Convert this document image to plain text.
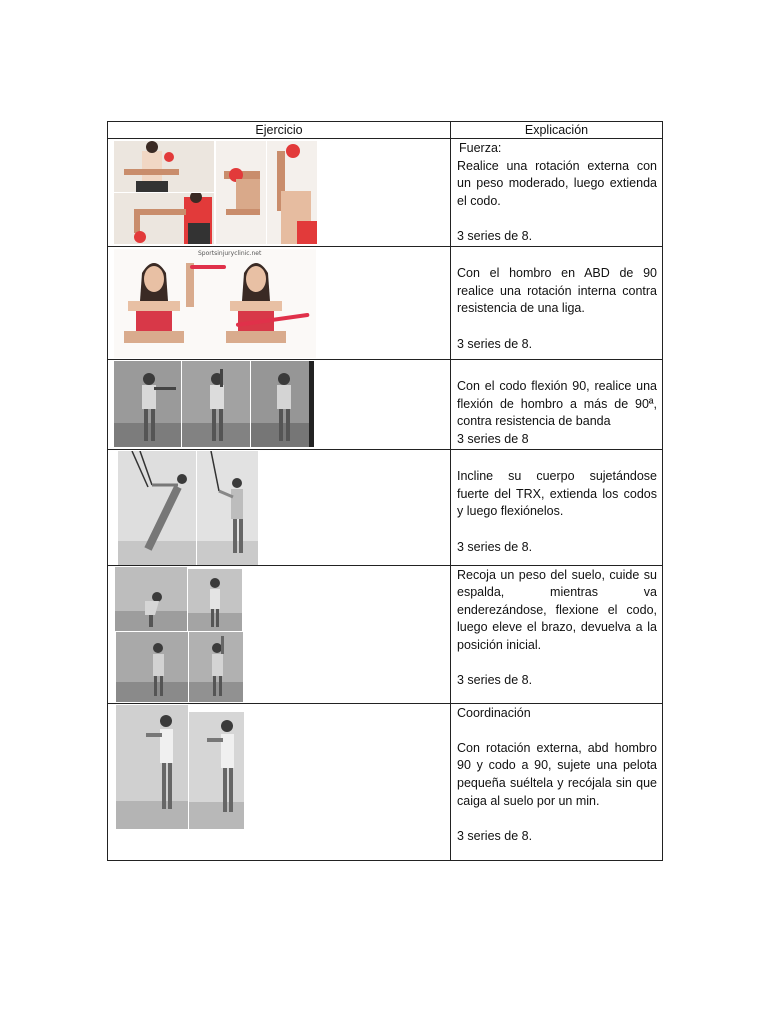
Ejercicio	Explicación

Fuerza:

Realice una rotación externa con un peso moderado, luego extienda el codo.

3 series de 8.

Sportsinjuryclinic.net	Con el hombro en ABD de 90 realice una rotación interna contra resistencia de una liga.

3 series de 8.

Con el codo flexión 90, realice una flexión de hombro a más de 90ª, contra resistencia de banda

3 series de 8

Incline su cuerpo sujetándose fuerte del TRX, extienda los codos y luego flexiónelos.

3 series de 8.

Recoja un peso del suelo, cuide su espalda, mientras va enderezándose, flexione el codo, luego eleve el brazo, devuelva a la posición inicial.

3 series de 8.

Coordinación

Con rotación externa, abd hombro 90 y codo a 90, sujete una pelota pequeña suéltela y recójala sin que caiga al suelo por un min.

3 series de 8.
